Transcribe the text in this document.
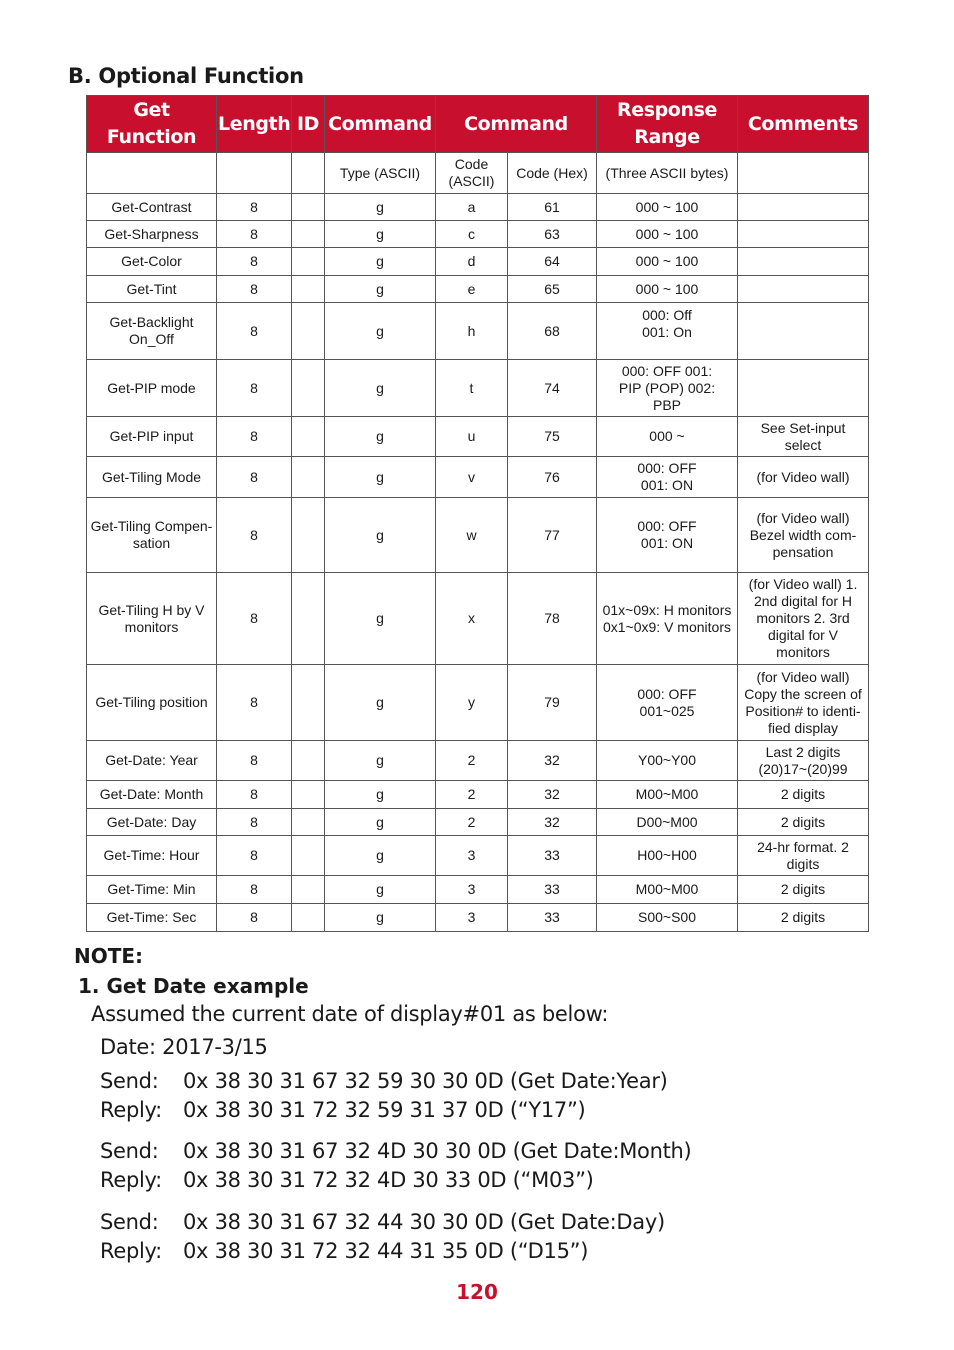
B. Optional Function
Get Function	Length	ID	Command	Command		Response Range	Comments
			Type (ASCII)	Code (ASCII)	Code (Hex)	(Three ASCII bytes)	
Get-Contrast	8		g	a	61	000 ~ 100	
Get-Sharpness	8		g	c	63	000 ~ 100	
Get-Color	8		g	d	64	000 ~ 100	
Get-Tint	8		g	e	65	000 ~ 100	
Get-Backlight On_Off	8		g	h	68	000: Off 001: On	
Get-PIP mode	8		g	t	74	000: OFF 001: PIP (POP) 002: PBP	
Get-PIP input	8		g	u	75	000 ~	See Set-input select
Get-Tiling Mode	8		g	v	76	000: OFF 001: ON	(for Video wall)
Get-Tiling Compen-sation	8		g	w	77	000: OFF 001: ON	(for Video wall) Bezel width com-pensation
Get-Tiling H by V monitors	8		g	x	78	01x~09x: H monitors 0x1~0x9: V monitors	(for Video wall) 1. 2nd digital for H monitors 2. 3rd digital for V monitors
Get-Tiling position	8		g	y	79	000: OFF 001~025	(for Video wall) Copy the screen of Position# to identi-fied display
Get-Date: Year	8		g	2	32	Y00~Y00	Last 2 digits (20)17~(20)99
Get-Date: Month	8		g	2	32	M00~M00	2 digits
Get-Date: Day	8		g	2	32	D00~M00	2 digits
Get-Time: Hour	8		g	3	33	H00~H00	24-hr format. 2 digits
Get-Time: Min	8		g	3	33	M00~M00	2 digits
Get-Time: Sec	8		g	3	33	S00~S00	2 digits
NOTE:
1. Get Date example
Assumed the current date of display#01 as below:
Date: 2017-3/15
Send: 0x 38 30 31 67 32 59 30 30 0D (Get Date:Year)
Reply: 0x 38 30 31 72 32 59 31 37 0D (“Y17”)
Send: 0x 38 30 31 67 32 4D 30 30 0D (Get Date:Month)
Reply: 0x 38 30 31 72 32 4D 30 33 0D (“M03”)
Send: 0x 38 30 31 67 32 44 30 30 0D (Get Date:Day)
Reply: 0x 38 30 31 72 32 44 31 35 0D (“D15”)
120
